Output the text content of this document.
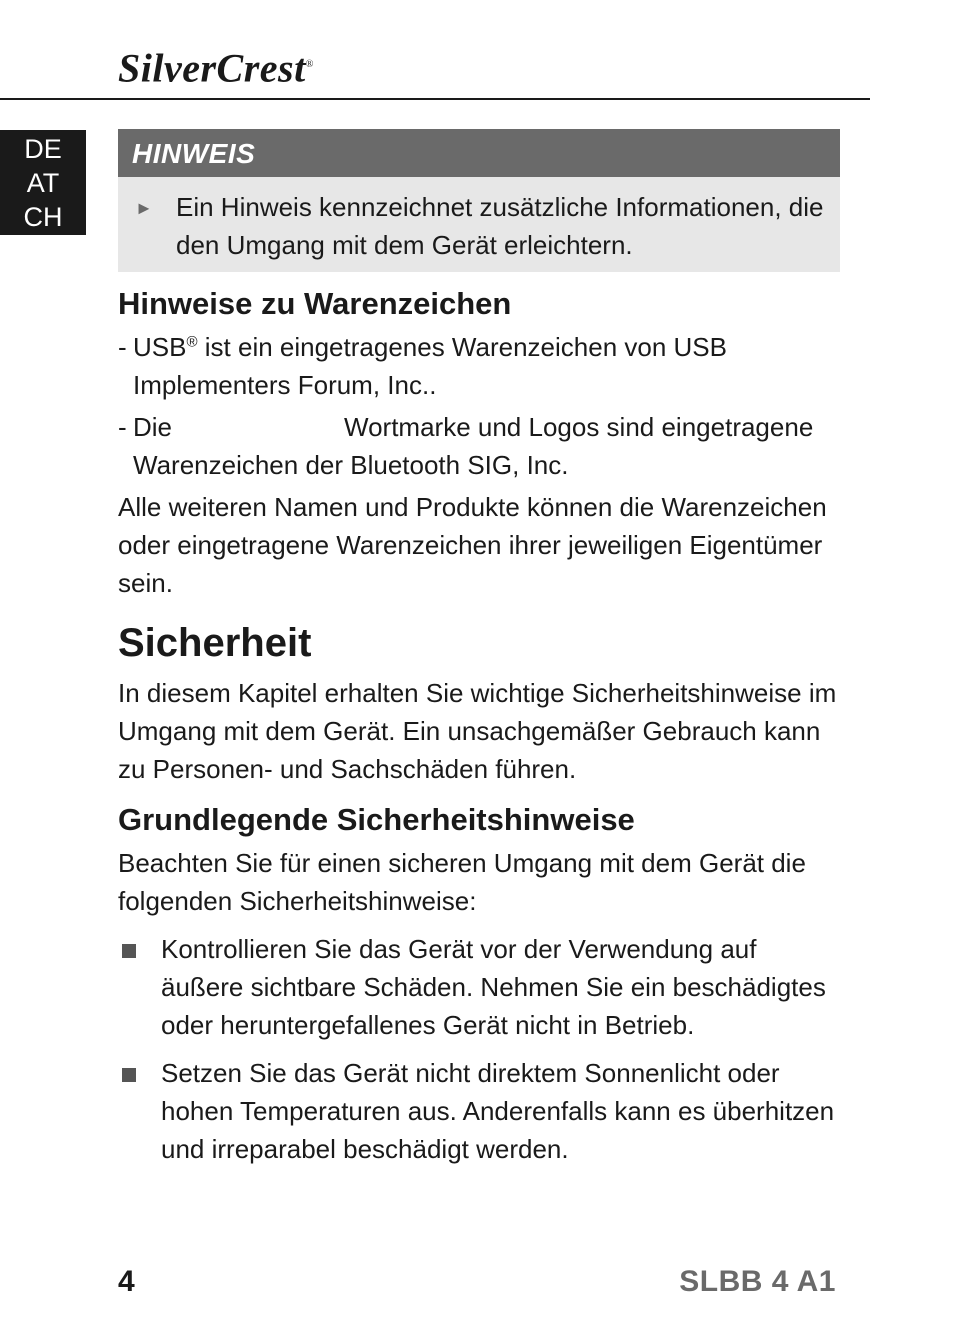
SilverCrest®
DE
AT
CH
HINWEIS
► Ein Hinweis kennzeichnet zusätzliche Informationen, die den Umgang mit dem Gerät erleichtern.
Hinweise zu Warenzeichen
- USB® ist ein eingetragenes Warenzeichen von USB Implementers Forum, Inc..
- Die	Wortmarke und Logos sind eingetragene Warenzeichen der Bluetooth SIG, Inc.

Alle weiteren Namen und Produkte können die Warenzeichen oder eingetragene Warenzeichen ihrer jeweiligen Eigentümer sein.

Sicherheit

In diesem Kapitel erhalten Sie wichtige Sicherheitshinweise im Umgang mit dem Gerät. Ein unsachgemäßer Gebrauch kann zu Personen- und Sachschäden führen.

Grundlegende Sicherheitshinweise

Beachten Sie für einen sicheren Umgang mit dem Gerät die folgenden Sicherheitshinweise:

Kontrollieren Sie das Gerät vor der Verwendung auf äußere sichtbare Schäden. Nehmen Sie ein beschädigtes oder heruntergefallenes Gerät nicht in Betrieb.
Setzen Sie das Gerät nicht direktem Sonnenlicht oder hohen Temperaturen aus. Anderenfalls kann es überhitzen und irreparabel beschädigt werden.
4	SLBB 4 A1
